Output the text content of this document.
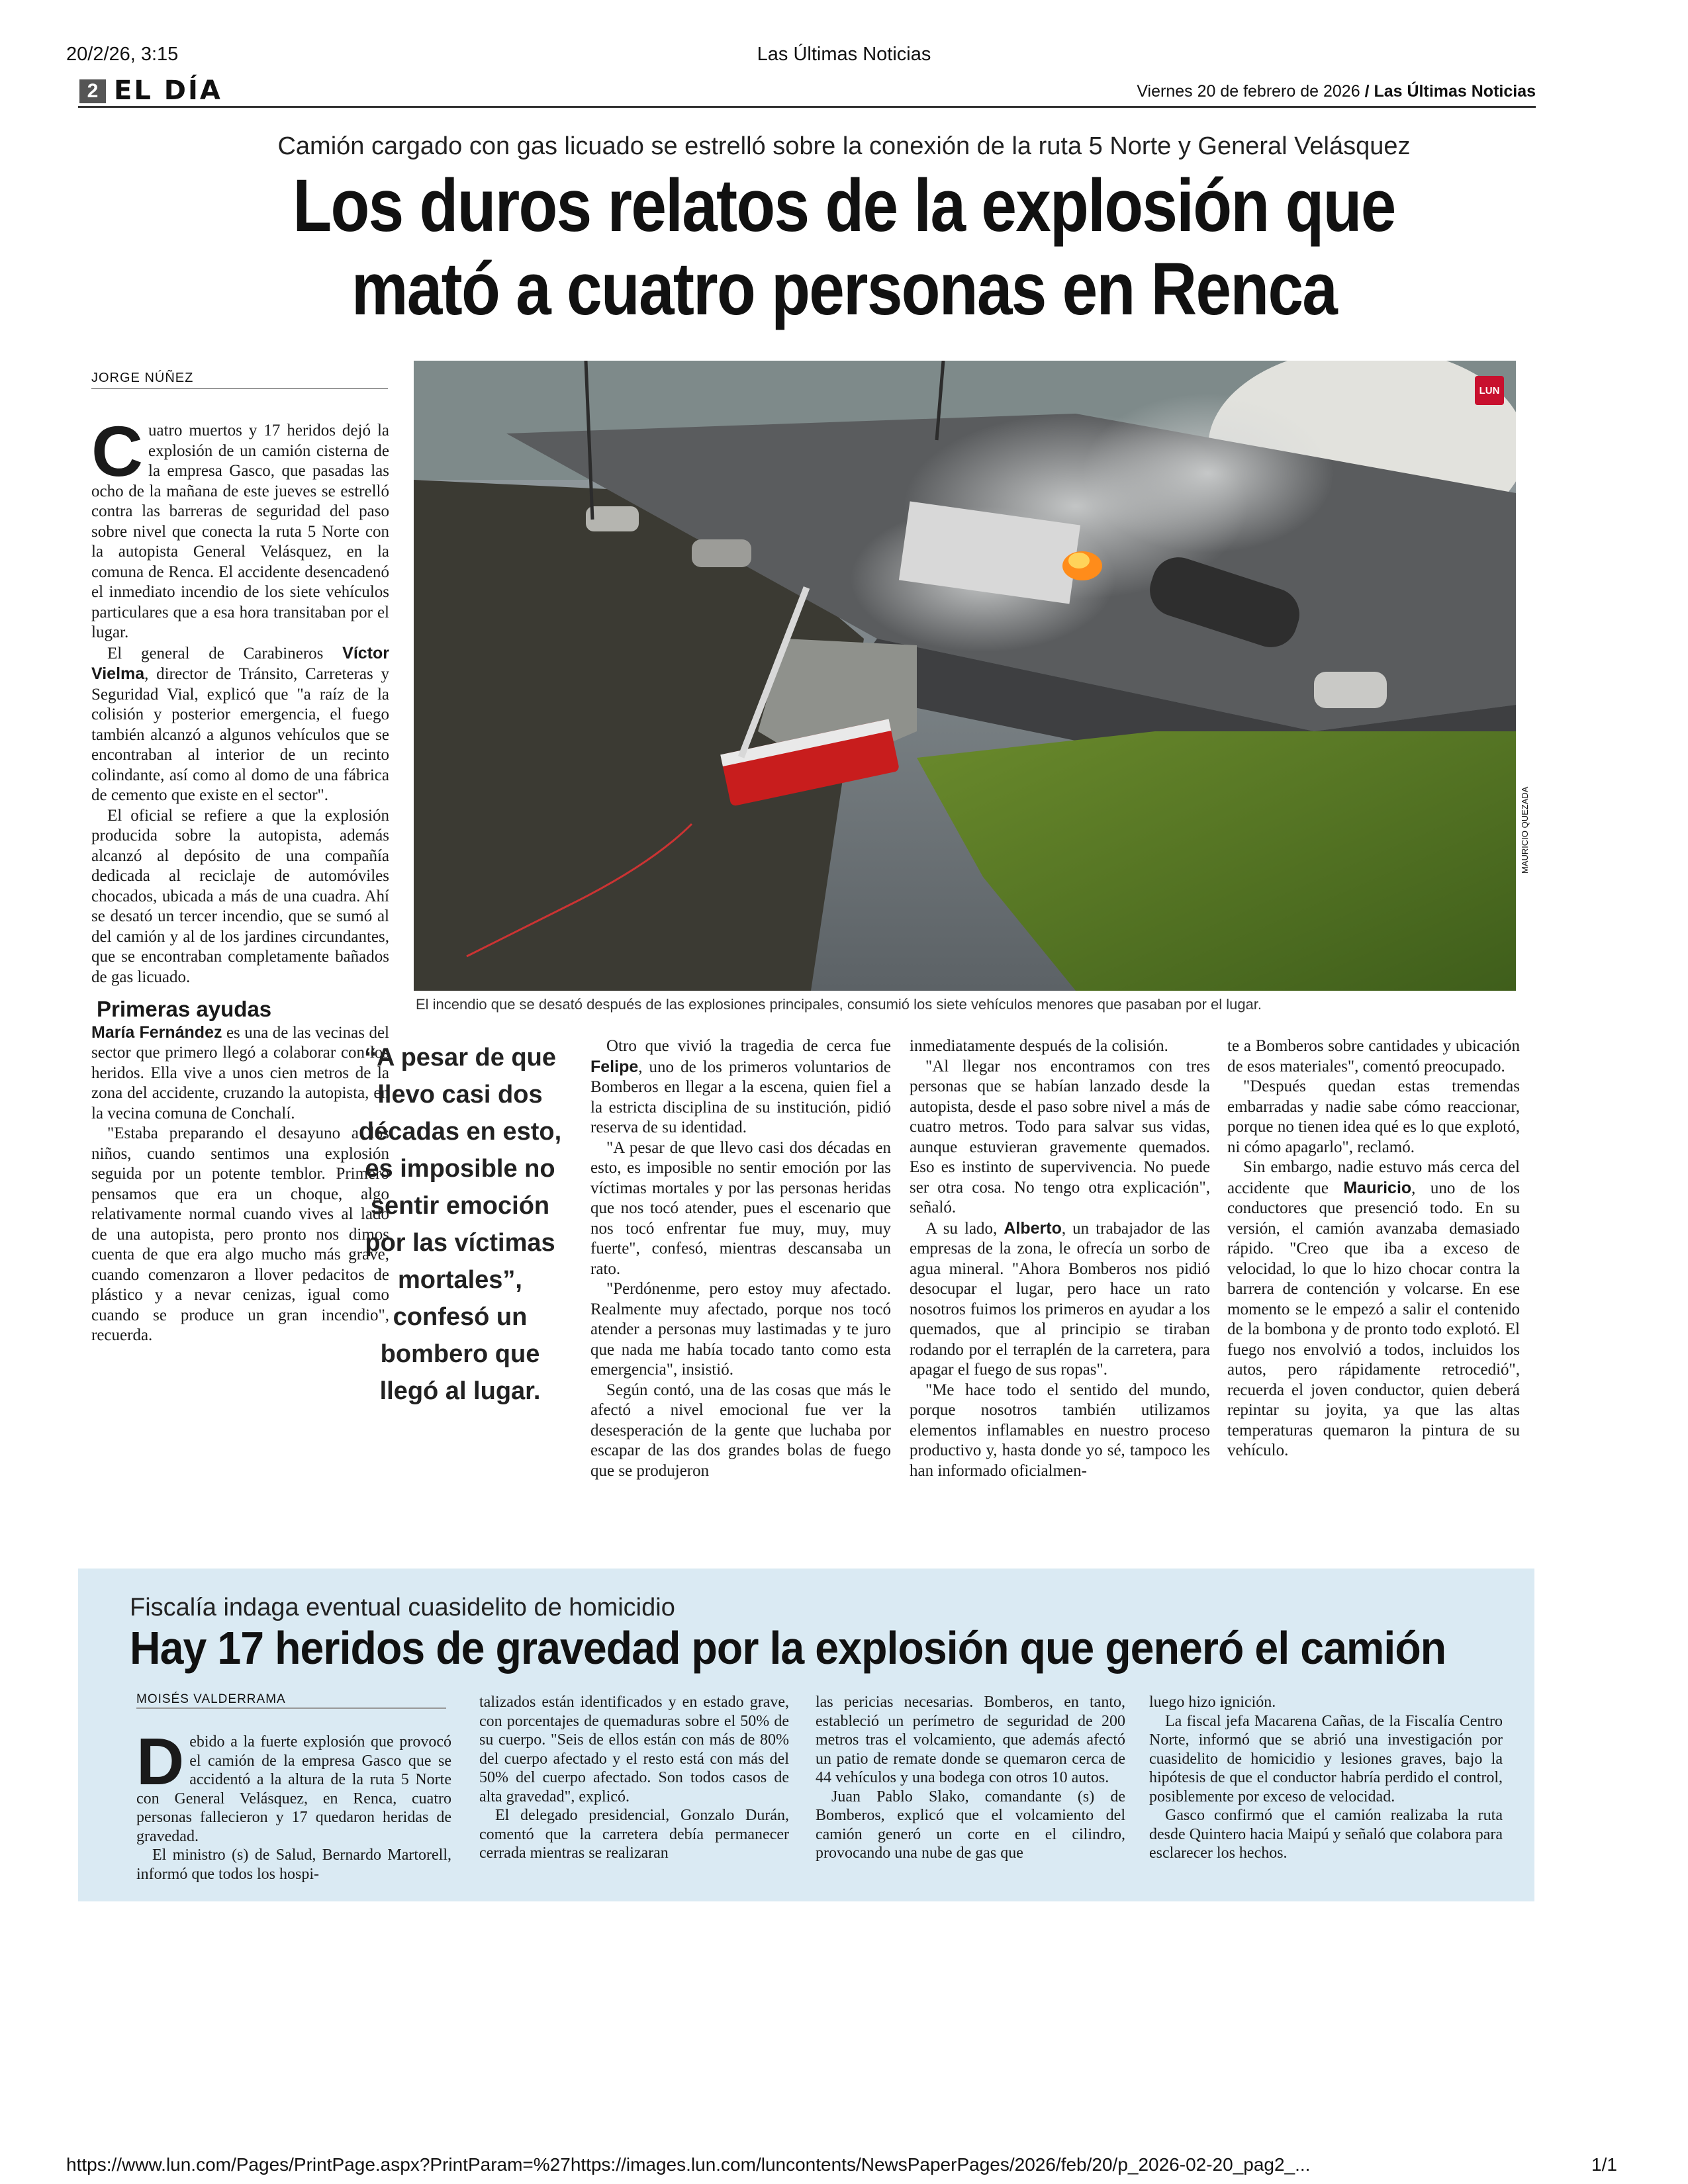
20/2/26, 3:15	Las Últimas Noticias
https://www.lun.com/Pages/PrintPage.aspx?PrintParam=%27https://images.lun.com/luncontents/NewsPaperPages/2026/feb/20/p_2026-02-20_pag2_...	1/1
2 EL DÍA	Viernes 20 de febrero de 2026 / Las Últimas Noticias
Camión cargado con gas licuado se estrelló sobre la conexión de la ruta 5 Norte y General Velásquez
Los duros relatos de la explosión que
mató a cuatro personas en Renca
JORGE NÚÑEZ
LUN
MAURICIO QUEZADA
El incendio que se desató después de las explosiones principales, consumió los siete vehículos menores que pasaban por el lugar.

Cuatro muertos y 17 heridos dejó la explosión de un camión cisterna de la empresa Gasco, que pasadas las ocho de la mañana de este jueves se estrelló contra las barreras de seguridad del paso sobre nivel que conecta la ruta 5 Norte con la autopista General Velásquez, en la comuna de Renca. El accidente desencadenó el inmediato incendio de los siete vehículos particulares que a esa hora transitaban por el lugar.

El general de Carabineros Víctor Vielma, director de Tránsito, Carreteras y Seguridad Vial, explicó que "a raíz de la colisión y posterior emergencia, el fuego también alcanzó a algunos vehículos que se encontraban al interior de un recinto colindante, así como al domo de una fábrica de cemento que existe en el sector".

El oficial se refiere a que la explosión producida sobre la autopista, además alcanzó al depósito de una compañía dedicada al reciclaje de automóviles chocados, ubicada a más de una cuadra. Ahí se desató un tercer incendio, que se sumó al del camión y al de los jardines circundantes, que se encontraban completamente bañados de gas licuado.

Primeras ayudas

María Fernández es una de las vecinas del sector que primero llegó a colaborar con los heridos. Ella vive a unos cien metros de la zona del accidente, cruzando la autopista, en la vecina comuna de Conchalí.

"Estaba preparando el desayuno a los niños, cuando sentimos una explosión seguida por un potente temblor. Primero pensamos que era un choque, algo relativamente normal cuando vives al lado de una autopista, pero pronto nos dimos cuenta de que era algo mucho más grave, cuando comenzaron a llover pedacitos de plástico y a nevar cenizas, igual como cuando se produce un gran incendio", recuerda.

“A pesar de que llevo casi dos décadas en esto, es imposible no sentir emoción por las víctimas mortales”, confesó un bombero que llegó al lugar.

Otro que vivió la tragedia de cerca fue Felipe, uno de los primeros voluntarios de Bomberos en llegar a la escena, quien fiel a la estricta disciplina de su institución, pidió reserva de su identidad.

"A pesar de que llevo casi dos décadas en esto, es imposible no sentir emoción por las víctimas mortales y por las personas heridas que nos tocó atender, pues el escenario que nos tocó enfrentar fue muy, muy, muy fuerte", confesó, mientras descansaba un rato.

"Perdónenme, pero estoy muy afectado. Realmente muy afectado, porque nos tocó atender a personas muy lastimadas y te juro que nada me había tocado tanto como esta emergencia", insistió.

Según contó, una de las cosas que más le afectó a nivel emocional fue ver la desesperación de la gente que luchaba por escapar de las dos grandes bolas de fuego que se produjeron

inmediatamente después de la colisión.

"Al llegar nos encontramos con tres personas que se habían lanzado desde la autopista, desde el paso sobre nivel a más de cuatro metros. Todo para salvar sus vidas, aunque estuvieran gravemente quemados. Eso es instinto de supervivencia. No puede ser otra cosa. No tengo otra explicación", señaló.

A su lado, Alberto, un trabajador de las empresas de la zona, le ofrecía un sorbo de agua mineral. "Ahora Bomberos nos pidió desocupar el lugar, pero hace un rato nosotros fuimos los primeros en ayudar a los quemados, que al principio se tiraban rodando por el terraplén de la carretera, para apagar el fuego de sus ropas".

"Me hace todo el sentido del mundo, porque nosotros también utilizamos elementos inflamables en nuestro proceso productivo y, hasta donde yo sé, tampoco les han informado oficialmen-

te a Bomberos sobre cantidades y ubicación de esos materiales", comentó preocupado.

"Después quedan estas tremendas embarradas y nadie sabe cómo reaccionar, porque no tienen idea qué es lo que explotó, ni cómo apagarlo", reclamó.

Sin embargo, nadie estuvo más cerca del accidente que Mauricio, uno de los conductores que presenció todo. En su versión, el camión avanzaba demasiado rápido. "Creo que iba a exceso de velocidad, lo que lo hizo chocar contra la barrera de contención y volcarse. En ese momento se le empezó a salir el contenido de la bombona y de pronto todo explotó. El fuego nos envolvió a todos, incluidos los autos, pero rápidamente retrocedió", recuerda el joven conductor, quien deberá repintar su joyita, ya que las altas temperaturas quemaron la pintura de su vehículo.

Fiscalía indaga eventual cuasidelito de homicidio
Hay 17 heridos de gravedad por la explosión que generó el camión
MOISÉS VALDERRAMA

Debido a la fuerte explosión que provocó el camión de la empresa Gasco que se accidentó a la altura de la ruta 5 Norte con General Velásquez, en Renca, cuatro personas fallecieron y 17 quedaron heridas de gravedad.

El ministro (s) de Salud, Bernardo Martorell, informó que todos los hospi-

talizados están identificados y en estado grave, con porcentajes de quemaduras sobre el 50% de su cuerpo. "Seis de ellos están con más de 80% del cuerpo afectado y el resto está con más del 50% del cuerpo afectado. Son todos casos de alta gravedad", explicó.

El delegado presidencial, Gonzalo Durán, comentó que la carretera debía permanecer cerrada mientras se realizaran

las pericias necesarias. Bomberos, en tanto, estableció un perímetro de seguridad de 200 metros tras el volcamiento, que además afectó un patio de remate donde se quemaron cerca de 44 vehículos y una bodega con otros 10 autos.

Juan Pablo Slako, comandante (s) de Bomberos, explicó que el volcamiento del camión generó un corte en el cilindro, provocando una nube de gas que

luego hizo ignición.

La fiscal jefa Macarena Cañas, de la Fiscalía Centro Norte, informó que se abrió una investigación por cuasidelito de homicidio y lesiones graves, bajo la hipótesis de que el conductor habría perdido el control, posiblemente por exceso de velocidad.

Gasco confirmó que el camión realizaba la ruta desde Quintero hacia Maipú y señaló que colabora para esclarecer los hechos.
